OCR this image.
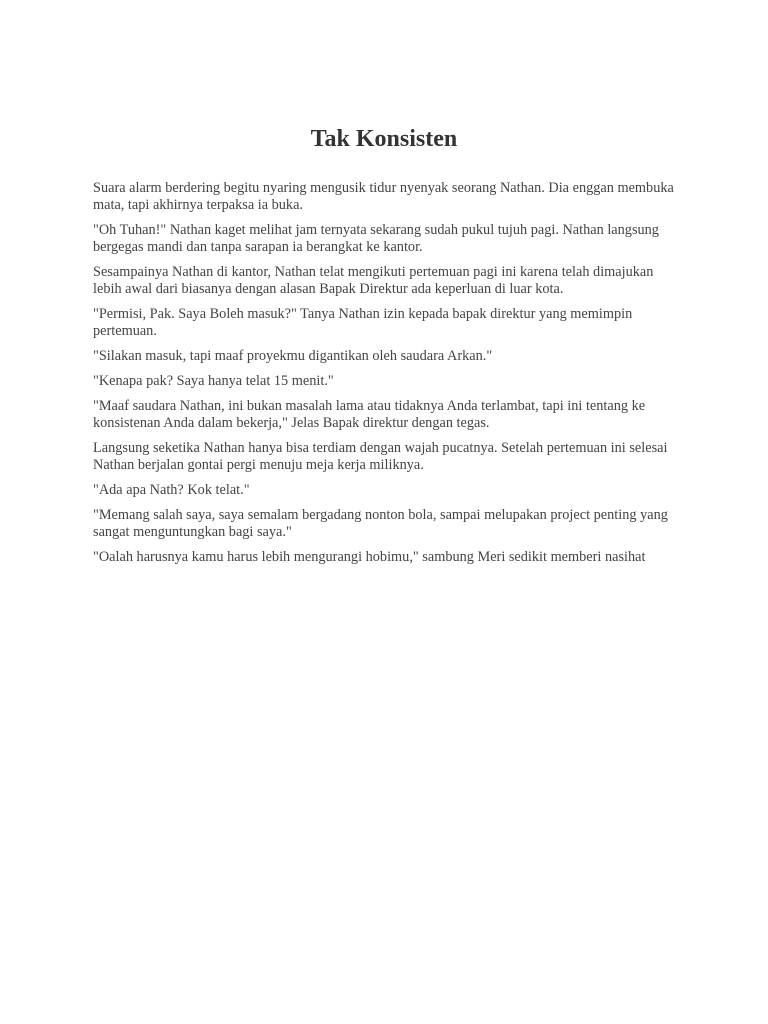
Tak Konsisten

Suara alarm berdering begitu nyaring mengusik tidur nyenyak seorang Nathan. Dia enggan membuka mata, tapi akhirnya terpaksa ia buka.

"Oh Tuhan!" Nathan kaget melihat jam ternyata sekarang sudah pukul tujuh pagi. Nathan langsung bergegas mandi dan tanpa sarapan ia berangkat ke kantor.

Sesampainya Nathan di kantor, Nathan telat mengikuti pertemuan pagi ini karena telah dimajukan lebih awal dari biasanya dengan alasan Bapak Direktur ada keperluan di luar kota.

"Permisi, Pak. Saya Boleh masuk?" Tanya Nathan izin kepada bapak direktur yang memimpin pertemuan.

"Silakan masuk, tapi maaf proyekmu digantikan oleh saudara Arkan."

"Kenapa pak? Saya hanya telat 15 menit."

"Maaf saudara Nathan, ini bukan masalah lama atau tidaknya Anda terlambat, tapi ini tentang ke konsistenan Anda dalam bekerja," Jelas Bapak direktur dengan tegas.

Langsung seketika Nathan hanya bisa terdiam dengan wajah pucatnya. Setelah pertemuan ini selesai Nathan berjalan gontai pergi menuju meja kerja miliknya.

"Ada apa Nath? Kok telat."

"Memang salah saya, saya semalam bergadang nonton bola, sampai melupakan project penting yang sangat menguntungkan bagi saya."

"Oalah harusnya kamu harus lebih mengurangi hobimu," sambung Meri sedikit memberi nasihat
